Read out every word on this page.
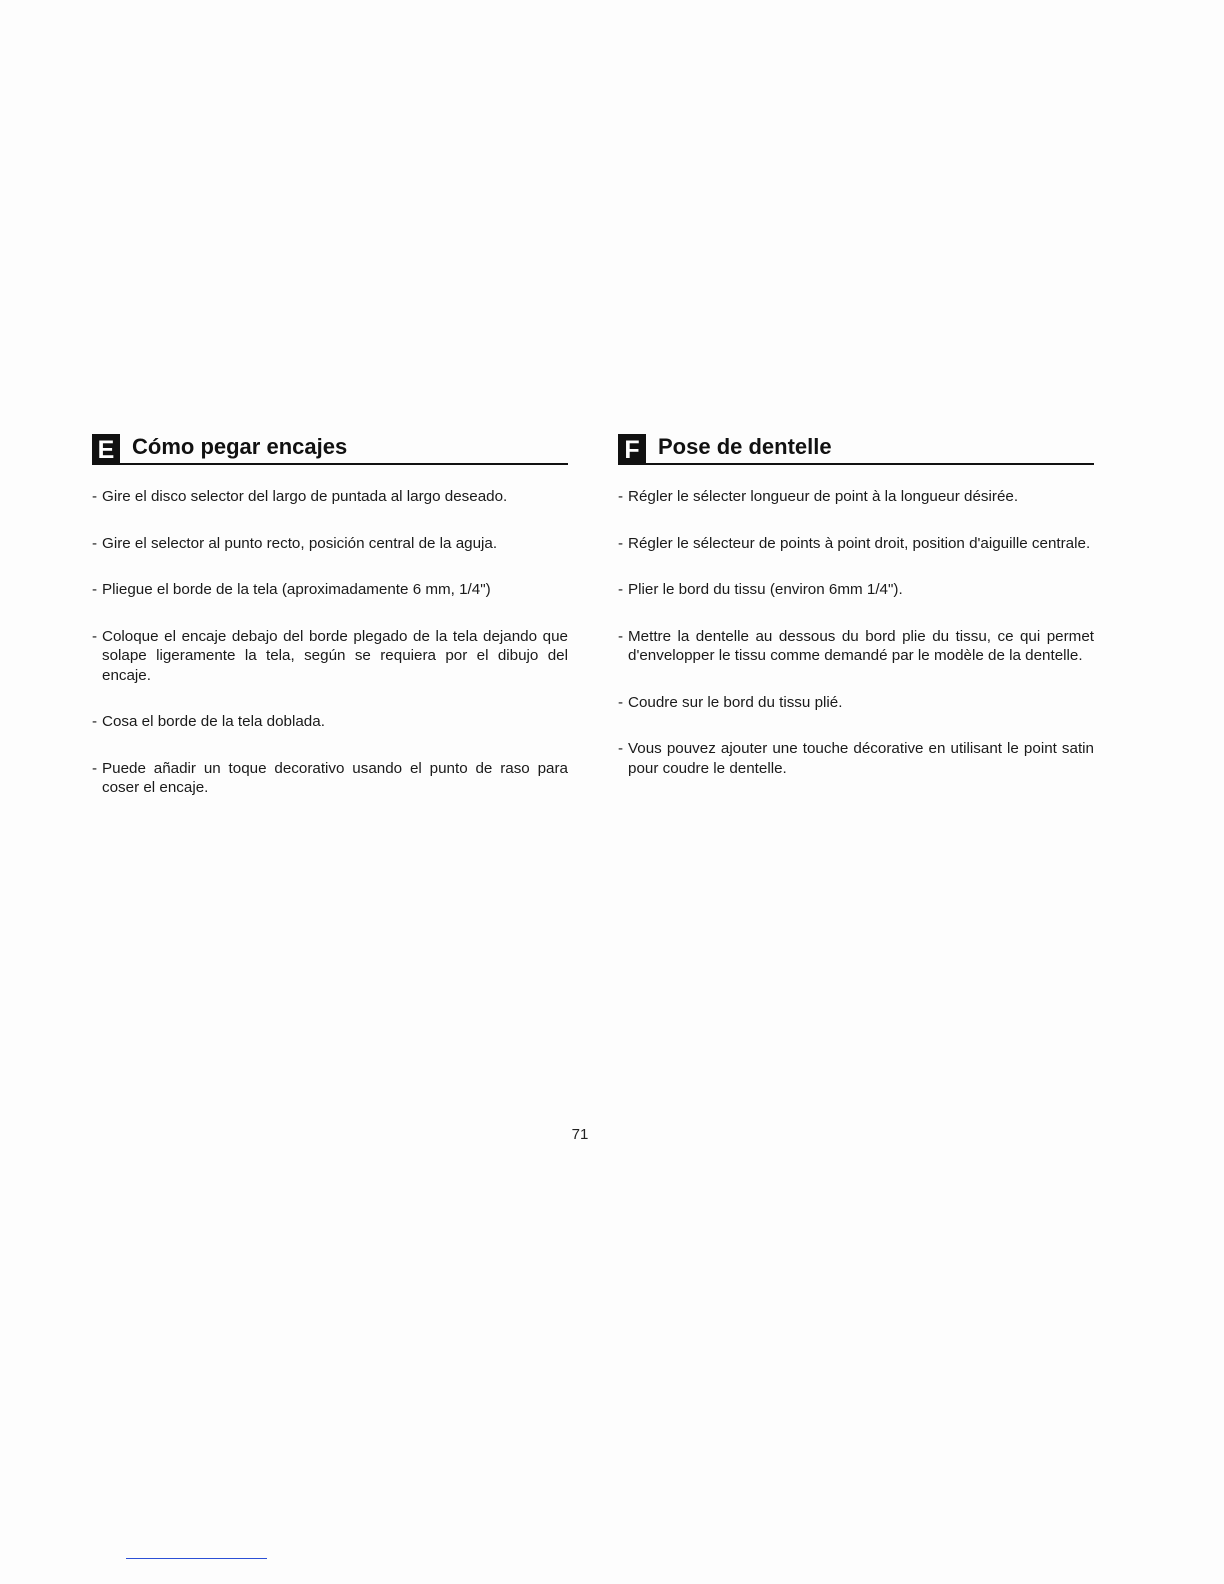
E Cómo pegar encajes
- Gire el disco selector del largo de puntada al largo deseado.
- Gire el selector al punto recto, posición central de la aguja.
- Pliegue el borde de la tela (aproximadamente 6 mm, 1/4")
- Coloque el encaje debajo del borde plegado de la tela dejando que solape ligeramente la tela, según se requiera por el dibujo del encaje.
- Cosa el borde de la tela doblada.
- Puede añadir un toque decorativo usando el punto de raso para coser el encaje.
F Pose de dentelle
- Régler le sélecter longueur de point à la longueur désirée.
- Régler le sélecteur de points à point droit, position d'aiguille centrale.
- Plier le bord du tissu (environ 6mm 1/4").
- Mettre la dentelle au dessous du bord plie du tissu, ce qui permet d'envelopper le tissu comme demandé par le modèle de la dentelle.
- Coudre sur le bord du tissu plié.
- Vous pouvez ajouter une touche décorative en utilisant le point satin pour coudre le dentelle.
71
